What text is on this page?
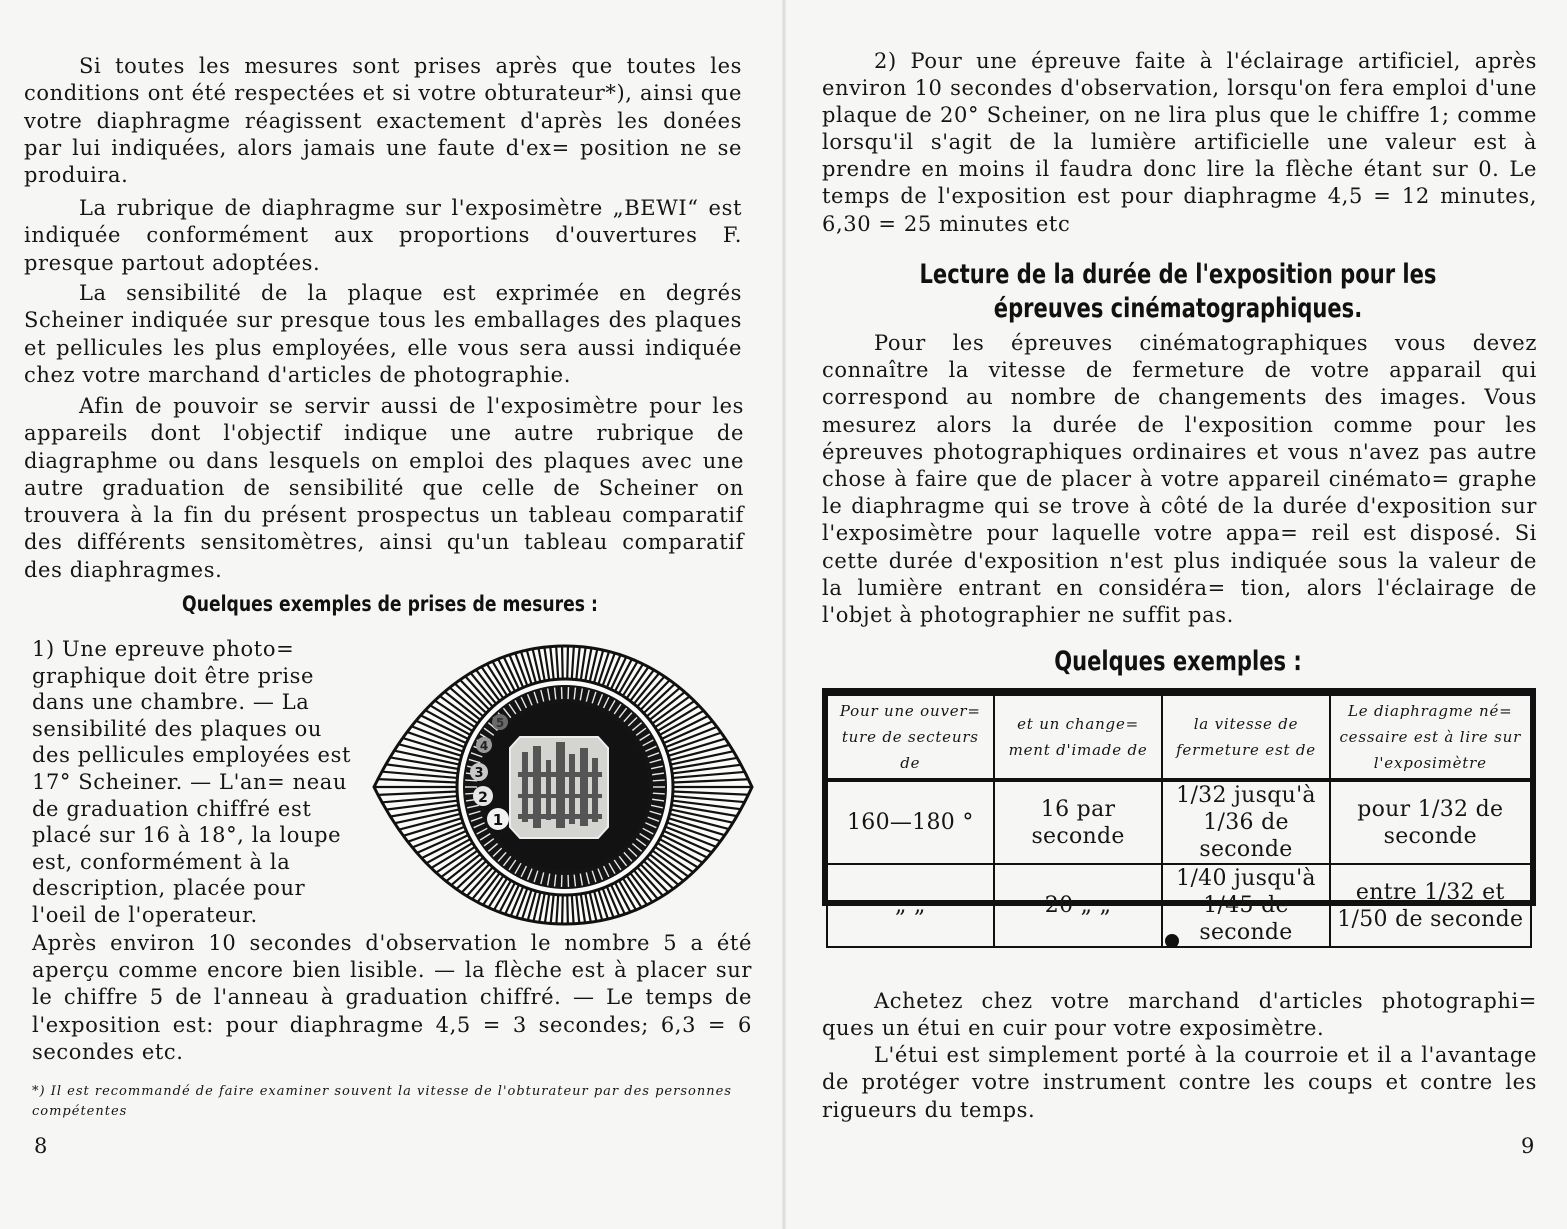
Si toutes les mesures sont prises après que toutes les conditions ont été respectées et si votre obturateur*), ainsi que votre diaphragme réagissent exactement d'après les donées par lui indiquées, alors jamais une faute d'ex= position ne se produira.

La rubrique de diaphragme sur l'exposimètre „BEWI“ est indiquée conformément aux proportions d'ouvertures F. presque partout adoptées.

La sensibilité de la plaque est exprimée en degrés Scheiner indiquée sur presque tous les emballages des plaques et pellicules les plus employées, elle vous sera aussi indiquée chez votre marchand d'articles de photographie.

Afin de pouvoir se servir aussi de l'exposimètre pour les appareils dont l'objectif indique une autre rubrique de diagraphme ou dans lesquels on emploi des plaques avec une autre graduation de sensibilité que celle de Scheiner on trouvera à la fin du présent prospectus un tableau comparatif des différents sensitomètres, ainsi qu'un tableau comparatif des diaphragmes.

Quelques exemples de prises de mesures :

1) Une epreuve photo= graphique doit être prise dans une chambre. — La sensibilité des plaques ou des pellicules employées est 17° Scheiner. — L'an= neau de graduation chiffré est placé sur 16 à 18°, la loupe est, conformément à la description, placée pour l'oeil de l'operateur.

1
2
3
4
5

Après environ 10 secondes d'observation le nombre 5 a été aperçu comme encore bien lisible. — la flèche est à placer sur le chiffre 5 de l'anneau à graduation chiffré. — Le temps de l'exposition est: pour diaphragme 4,5 = 3 secondes; 6,3 = 6 secondes etc.

*) Il est recommandé de faire examiner souvent la vitesse de l'obturateur par des personnes compétentes

8

2) Pour une épreuve faite à l'éclairage artificiel, après environ 10 secondes d'observation, lorsqu'on fera emploi d'une plaque de 20° Scheiner, on ne lira plus que le chiffre 1; comme lorsqu'il s'agit de la lumière artificielle une valeur est à prendre en moins il faudra donc lire la flèche étant sur 0. Le temps de l'exposition est pour diaphragme 4,5 = 12 minutes, 6,30 = 25 minutes etc

Lecture de la durée de l'exposition pour les

épreuves cinématographiques.

Pour les épreuves cinématographiques vous devez connaître la vitesse de fermeture de votre apparail qui correspond au nombre de changements des images. Vous mesurez alors la durée de l'exposition comme pour les épreuves photographiques ordinaires et vous n'avez pas autre chose à faire que de placer à votre appareil cinémato= graphe le diaphragme qui se trove à côté de la durée d'exposition sur l'exposimètre pour laquelle votre appa= reil est disposé. Si cette durée d'exposition n'est plus indiquée sous la valeur de la lumière entrant en considéra= tion, alors l'éclairage de l'objet à photographier ne suffit pas.

Quelques exemples :

Pour une ouver= ture de secteurs de	et un change= ment d'imade de	la vitesse de fermeture est de	Le diaphragme né= cessaire est à lire sur l'exposimètre
160—180 °	16 par seconde	1/32 jusqu'à 1/36 de seconde	pour 1/32 de seconde
„ „	20 „ „	1/40 jusqu'à 1/45 de seconde	entre 1/32 et 1/50 de seconde

Achetez chez votre marchand d'articles photographi= ques un étui en cuir pour votre exposimètre.

L'étui est simplement porté à la courroie et il a l'avantage de protéger votre instrument contre les coups et contre les rigueurs du temps.

9
